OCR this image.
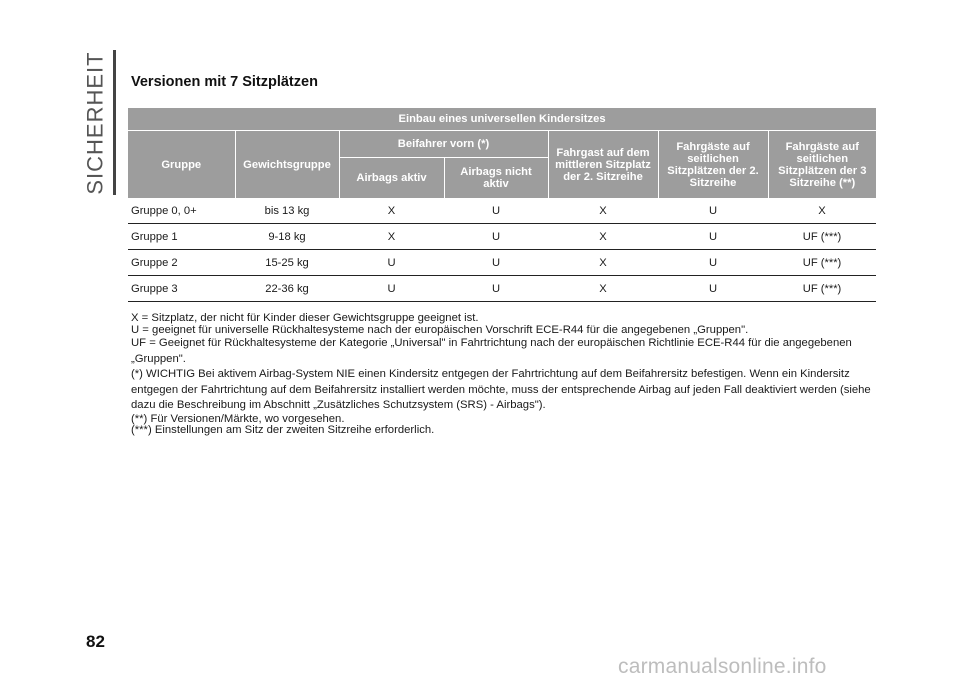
SICHERHEIT Versionen mit 7 Sitzplätzen
Einbau eines universellen Kindersitzes						
Gruppe	Gewichtsgruppe	Beifahrer vorn (*)		Fahrgast auf dem mittleren Sitzplatz der 2. Sitzreihe	Fahrgäste auf seitlichen Sitzplätzen der 2. Sitzreihe	Fahrgäste auf seitlichen Sitzplätzen der 3 Sitzreihe (**)
		Airbags aktiv	Airbags nicht aktiv			
Gruppe 0, 0+	bis 13 kg	X	U	X	U	X
Gruppe 1	9-18 kg	X	U	X	U	UF (***)
Gruppe 2	15-25 kg	U	U	X	U	UF (***)
Gruppe 3	22-36 kg	U	U	X	U	UF (***)

X = Sitzplatz, der nicht für Kinder dieser Gewichtsgruppe geeignet ist.

U = geeignet für universelle Rückhaltesysteme nach der europäischen Vorschrift ECE-R44 für die angegebenen „Gruppen".

UF = Geeignet für Rückhaltesysteme der Kategorie „Universal" in Fahrtrichtung nach der europäischen Richtlinie ECE-R44 für die angegebenen „Gruppen".

(*) WICHTIG Bei aktivem Airbag-System NIE einen Kindersitz entgegen der Fahrtrichtung auf dem Beifahrersitz befestigen. Wenn ein Kindersitz entgegen der Fahrtrichtung auf dem Beifahrersitz installiert werden möchte, muss der entsprechende Airbag auf jeden Fall deaktiviert werden (siehe dazu die Beschreibung im Abschnitt „Zusätzliches Schutzsystem (SRS) - Airbags").

(**) Für Versionen/Märkte, wo vorgesehen.

(***) Einstellungen am Sitz der zweiten Sitzreihe erforderlich.

82
carmanualsonline.info
